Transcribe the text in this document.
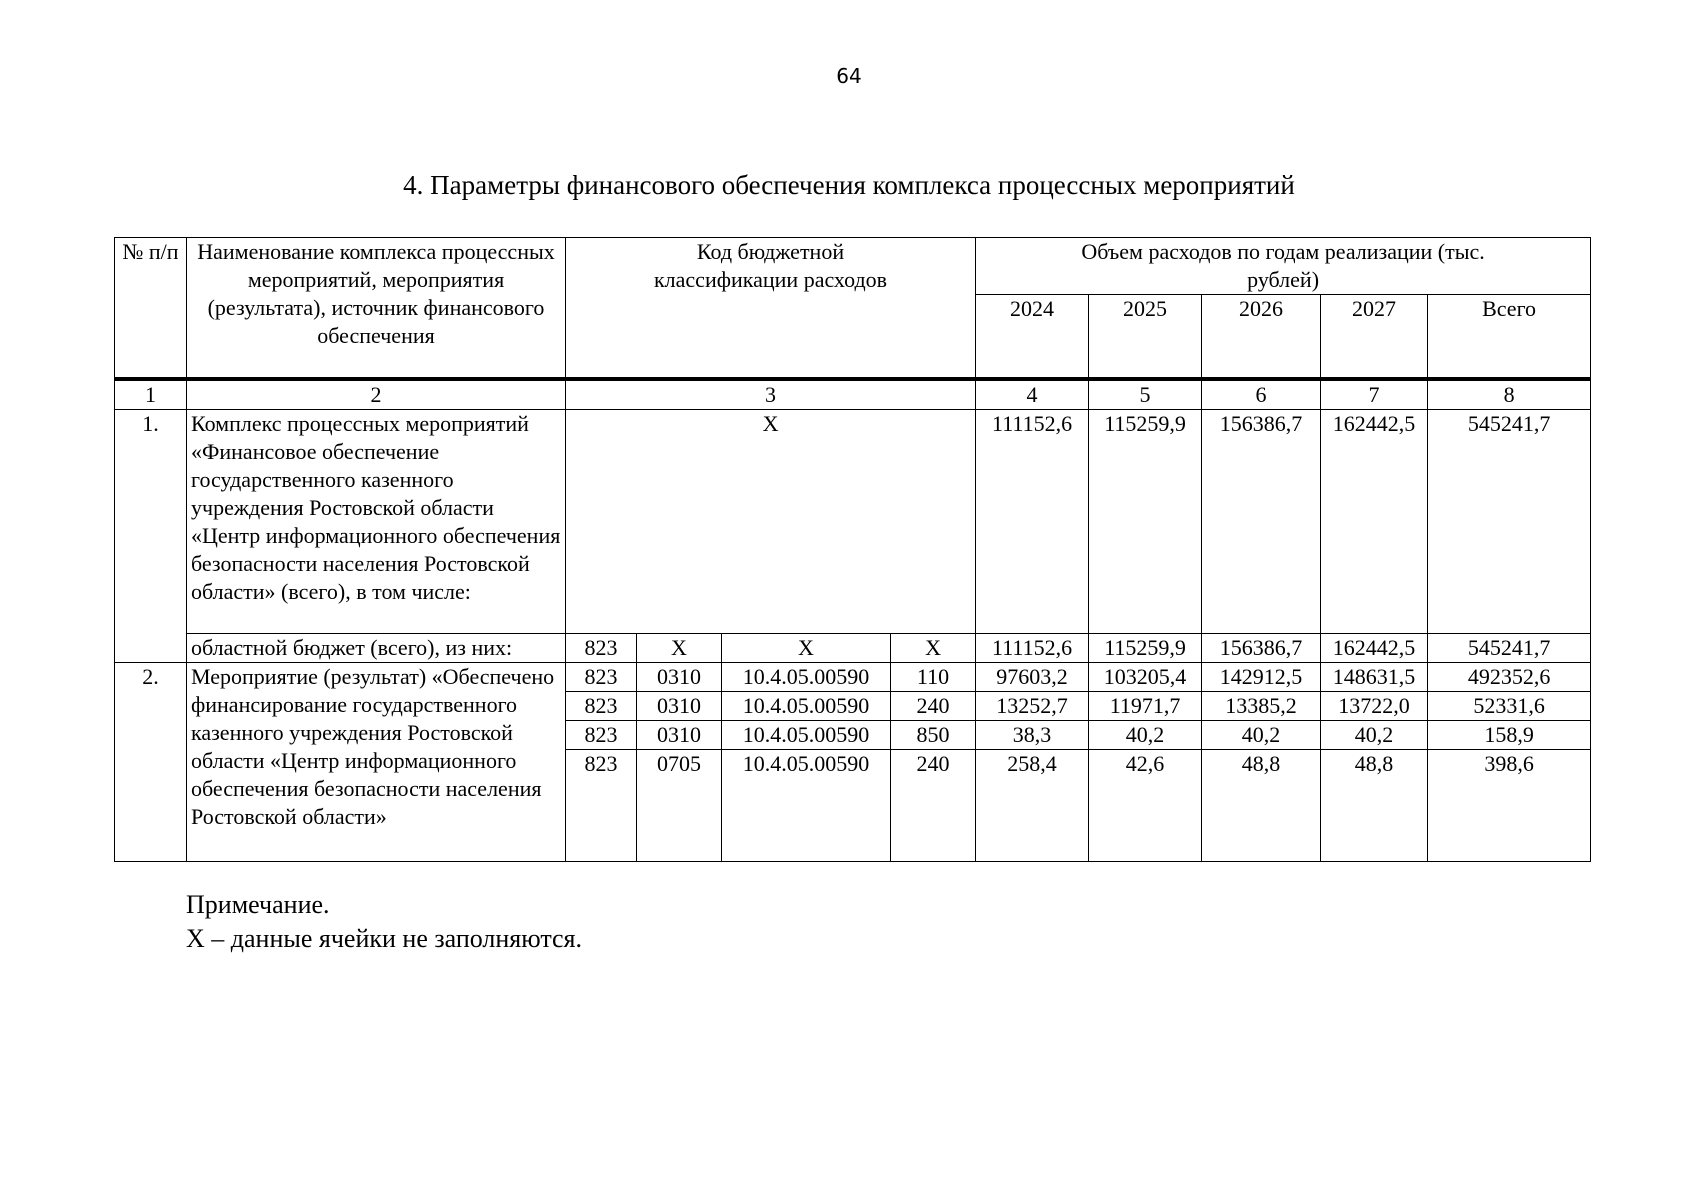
64
4. Параметры финансового обеспечения комплекса процессных мероприятий
№ п/п	Наименование комплекса процессных мероприятий, мероприятия (результата), источник финансового обеспечения	Код бюджетной классификации расходов				Объем расходов по годам реализации (тыс. рублей)				
						2024	2025	2026	2027	Всего
1	2	3				4	5	6	7	8
1.	Комплекс процессных мероприятий «Финансовое обеспечение государственного казенного учреждения Ростовской области «Центр информационного обеспечения безопасности населения Ростовской области» (всего), в том числе:	X				111152,6	115259,9	156386,7	162442,5	545241,7
	областной бюджет (всего), из них:	823	X	X	X	111152,6	115259,9	156386,7	162442,5	545241,7
2.	Мероприятие (результат) «Обеспечено финансирование государственного казенного учреждения Ростовской области «Центр информационного обеспечения безопасности населения Ростовской области»	823	0310	10.4.05.00590	110	97603,2	103205,4	142912,5	148631,5	492352,6
		823	0310	10.4.05.00590	240	13252,7	11971,7	13385,2	13722,0	52331,6
		823	0310	10.4.05.00590	850	38,3	40,2	40,2	40,2	158,9
		823	0705	10.4.05.00590	240	258,4	42,6	48,8	48,8	398,6
Примечание.
X – данные ячейки не заполняются.
